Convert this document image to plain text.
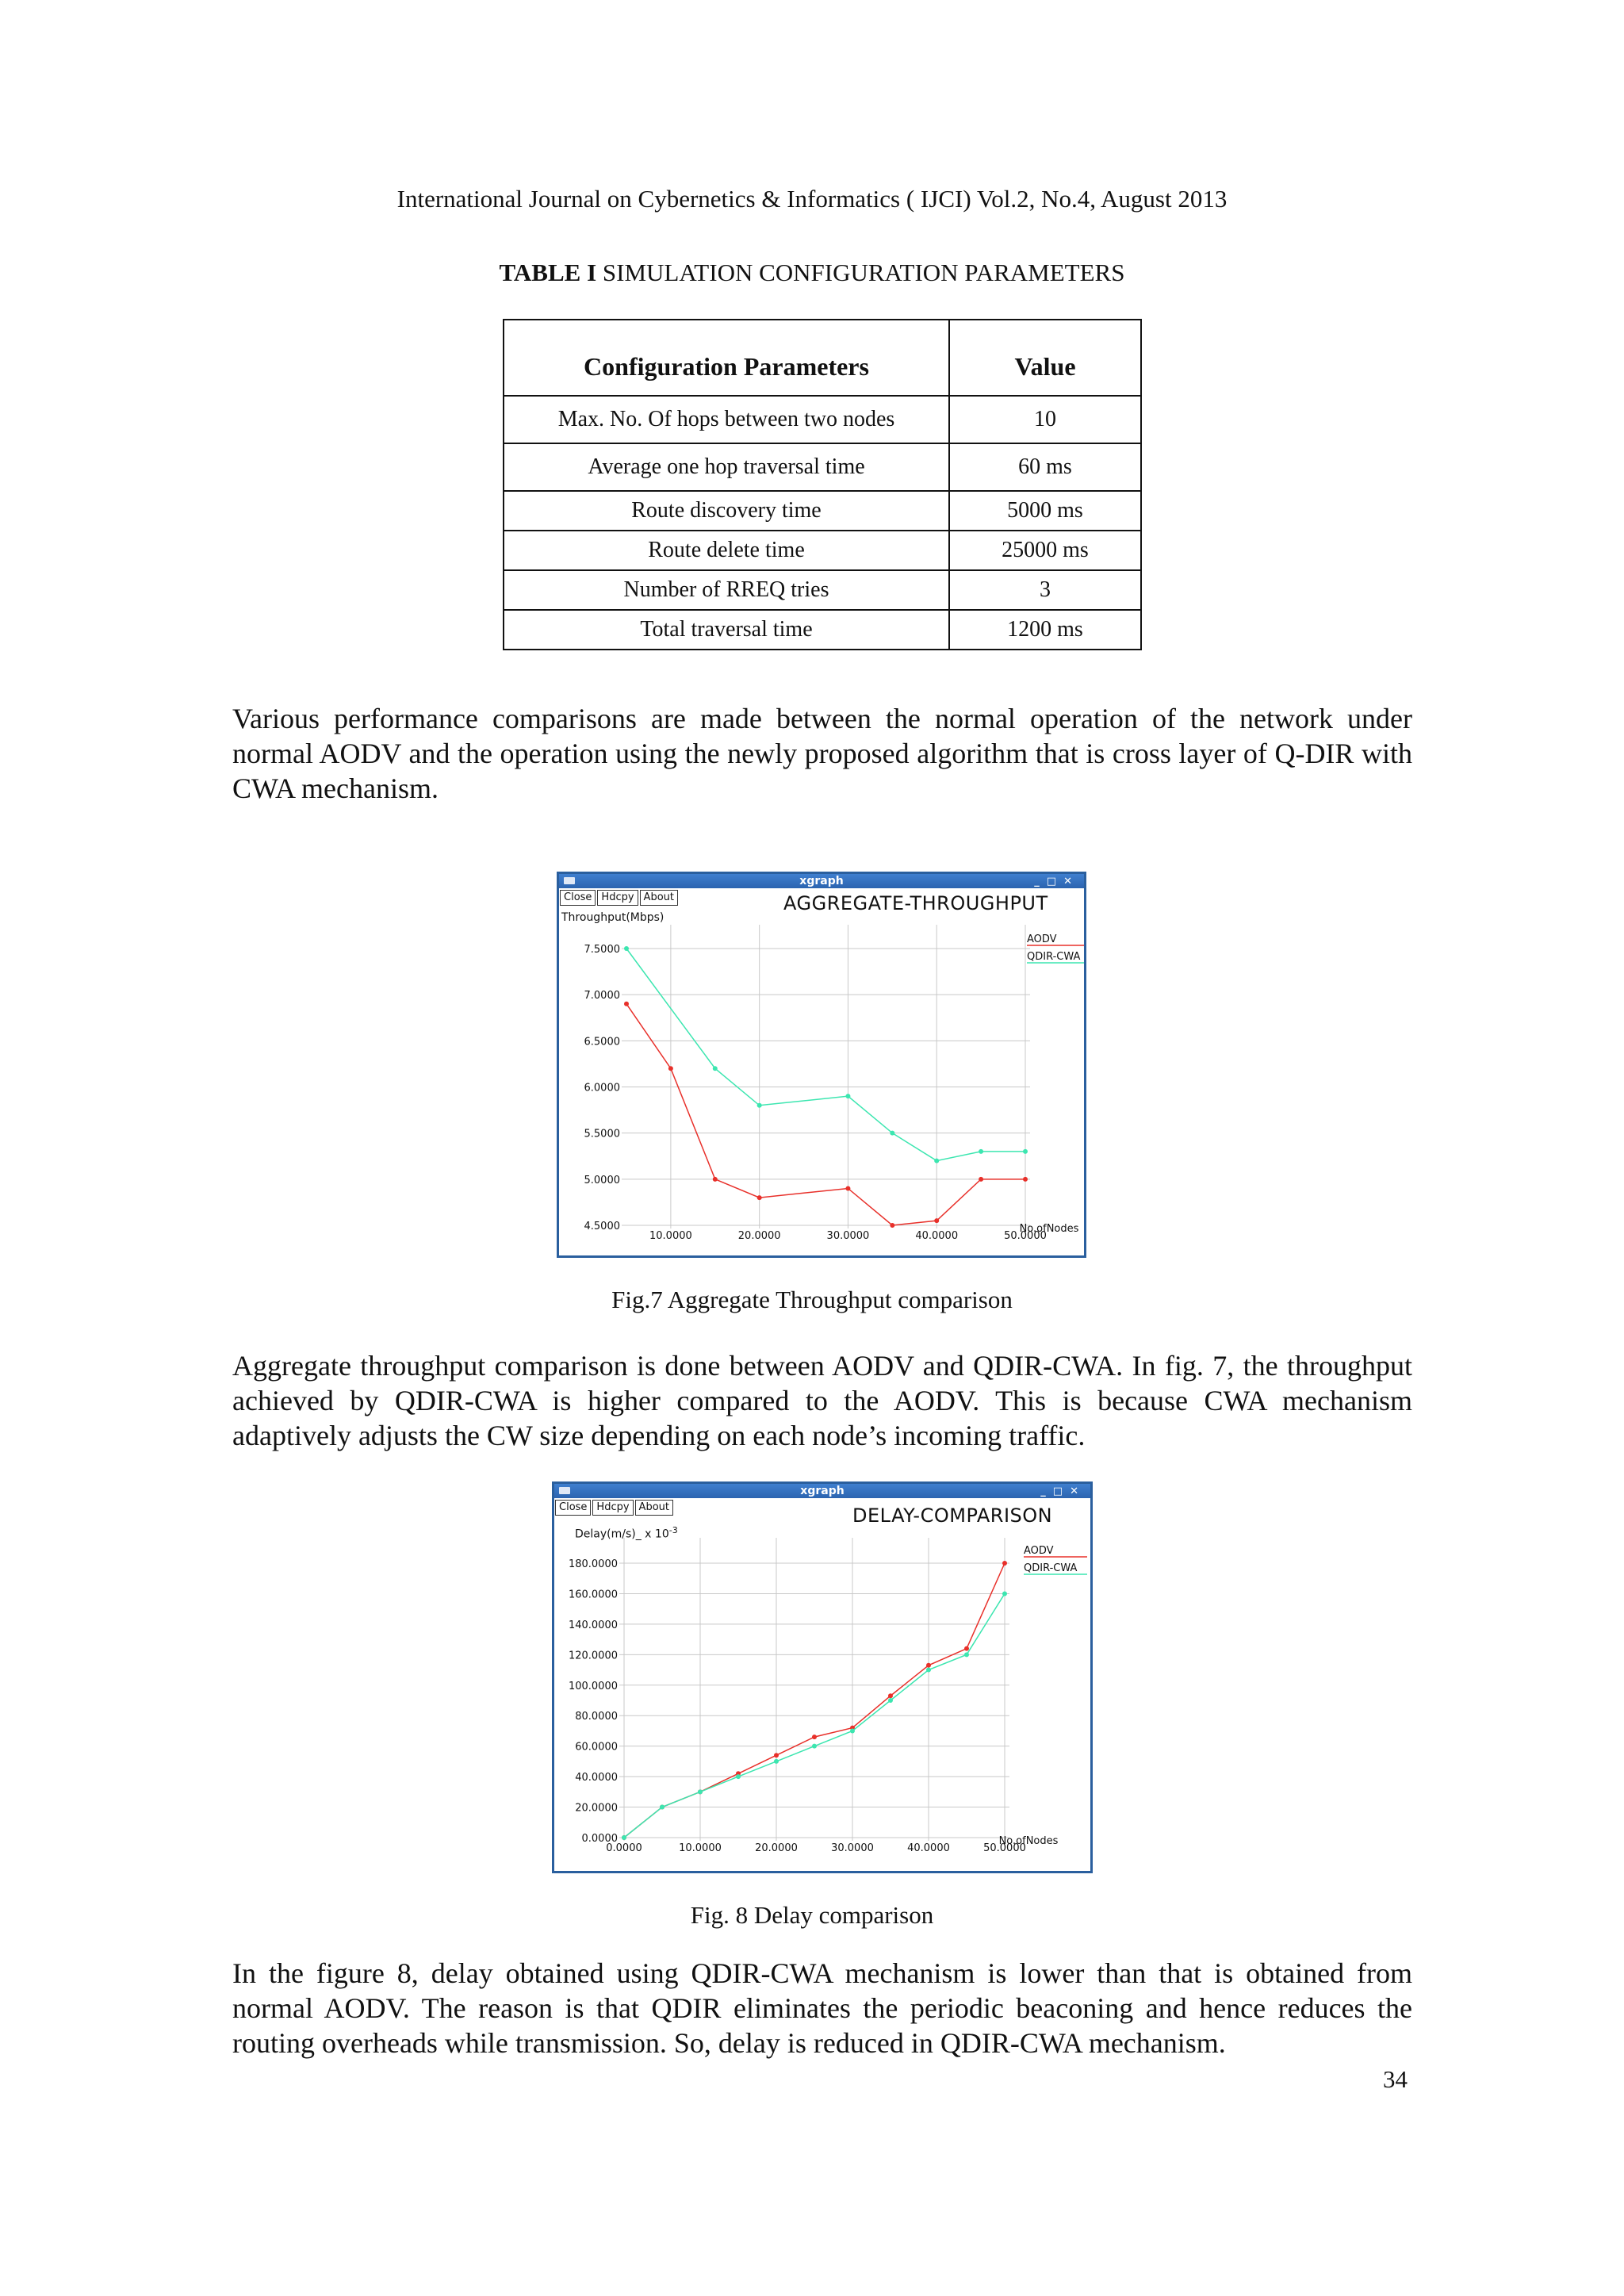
International Journal on Cybernetics & Informatics ( IJCI) Vol.2, No.4, August 2013
TABLE I SIMULATION CONFIGURATION PARAMETERS
Configuration Parameters	Value
Max. No. Of hops between two nodes	10
Average one hop traversal time	60 ms
Route discovery time	5000 ms
Route delete time	25000 ms
Number of RREQ tries	3
Total traversal time	1200 ms
Various performance comparisons are made between the normal operation of the network under normal AODV and the operation using the newly proposed algorithm that is cross layer of Q-DIR with CWA mechanism.
xgraph	_□✕
Close Hdcpy About	AGGREGATE-THROUGHPUT
Throughput(Mbps)
10.0000	20.0000	30.0000	40.0000	50.0000
4.5000
5.0000
5.5000
6.0000
6.5000
7.0000
7.5000
No.ofNodes
AODV
QDIR-CWA
Fig.7 Aggregate Throughput comparison
Aggregate throughput comparison is done between AODV and QDIR-CWA. In fig. 7, the throughput achieved by QDIR-CWA is higher compared to the AODV. This is because CWA mechanism adaptively adjusts the CW size depending on each node’s incoming traffic.
xgraph	_□✕
Close Hdcpy About	DELAY-COMPARISON
Delay(m/s)_ x $10^{-3}$
0.0000	10.0000	20.0000	30.0000	40.0000	50.0000
0.0000
20.0000
40.0000
60.0000
80.0000
100.0000
120.0000
140.0000
160.0000
180.0000
No.ofNodes
AODV
QDIR-CWA
Fig. 8 Delay comparison
In the figure 8, delay obtained using QDIR-CWA mechanism is lower than that is obtained from normal AODV. The reason is that QDIR eliminates the periodic beaconing and hence reduces the routing overheads while transmission. So, delay is reduced in QDIR-CWA mechanism.
34
